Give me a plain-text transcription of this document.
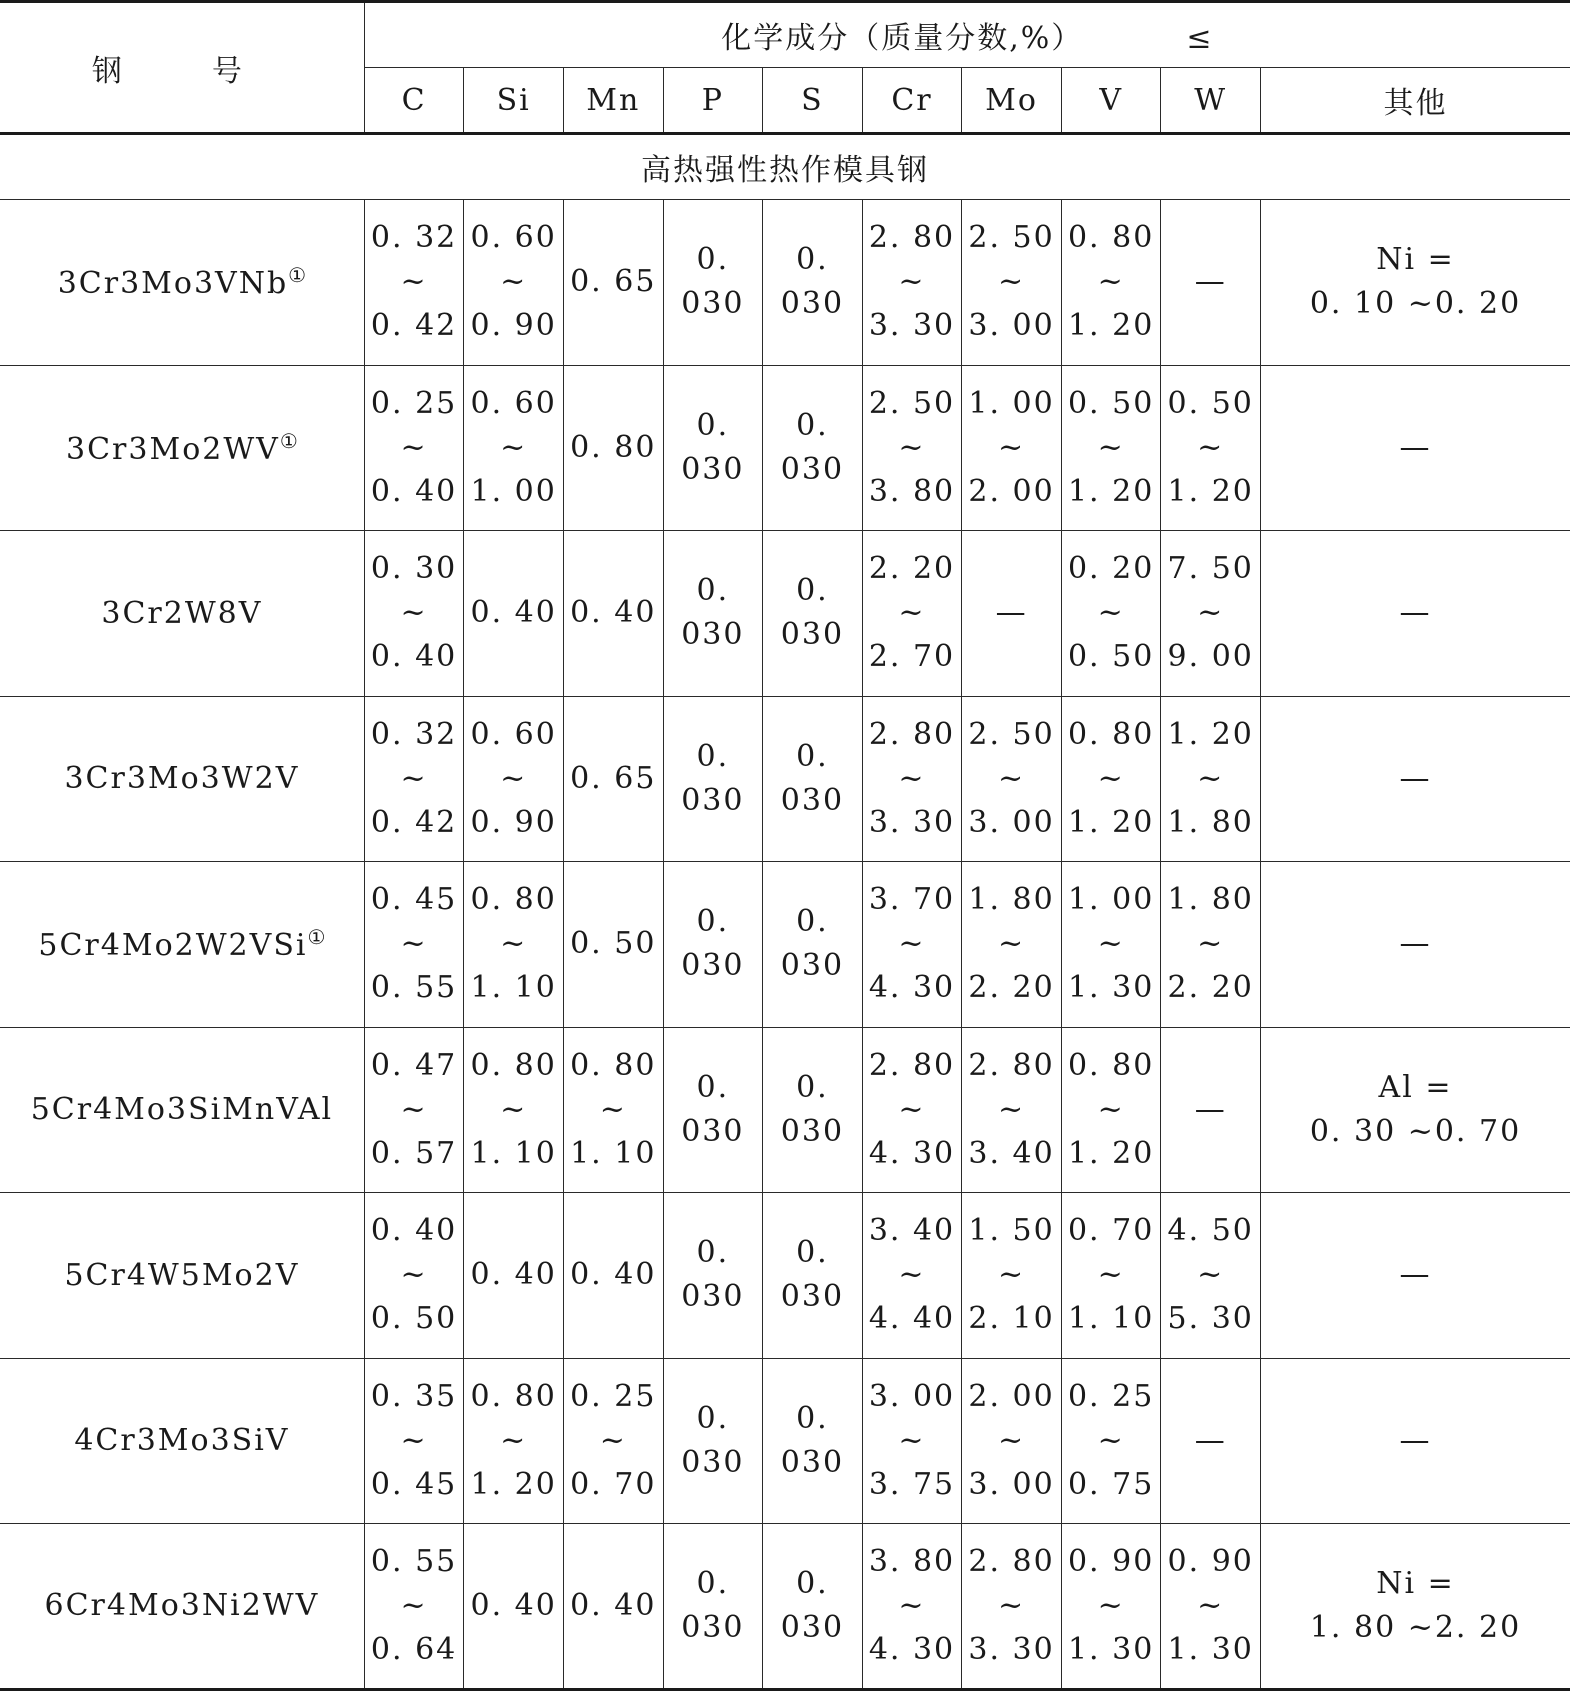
钢　号	化学成分（质量分数,%） ≤									
	C	Si	Mn	P	S	Cr	Mo	V	W	其他
高热强性热作模具钢										
3Cr3Mo3VNb①	0. 32
~
0. 42	0. 60
~
0. 90	0. 65	0. 030	0. 030	2. 80
~
3. 30	2. 50
~
3. 00	0. 80
~
1. 20	—	Ni =
0. 10 ~0. 20

3Cr3Mo2WV①	0. 25
~
0. 40	0. 60
~
1. 00	0. 80	0. 030	0. 030	2. 50
~
3. 80	1. 00
~
2. 00	0. 50
~
1. 20	0. 50
~
1. 20	—

3Cr2W8V	0. 30
~
0. 40	0. 40	0. 40	0. 030	0. 030	2. 20
~
2. 70	—	0. 20
~
0. 50	7. 50
~
9. 00	—

3Cr3Mo3W2V	0. 32
~
0. 42	0. 60
~
0. 90	0. 65	0. 030	0. 030	2. 80
~
3. 30	2. 50
~
3. 00	0. 80
~
1. 20	1. 20
~
1. 80	—

5Cr4Mo2W2VSi①	0. 45
~
0. 55	0. 80
~
1. 10	0. 50	0. 030	0. 030	3. 70
~
4. 30	1. 80
~
2. 20	1. 00
~
1. 30	1. 80
~
2. 20	—

5Cr4Mo3SiMnVAl	0. 47
~
0. 57	0. 80
~
1. 10	0. 80
~
1. 10	0. 030	0. 030	2. 80
~
4. 30	2. 80
~
3. 40	0. 80
~
1. 20	—	Al =
0. 30 ~0. 70

5Cr4W5Mo2V	0. 40
~
0. 50	0. 40	0. 40	0. 030	0. 030	3. 40
~
4. 40	1. 50
~
2. 10	0. 70
~
1. 10	4. 50
~
5. 30	—

4Cr3Mo3SiV	0. 35
~
0. 45	0. 80
~
1. 20	0. 25
~
0. 70	0. 030	0. 030	3. 00
~
3. 75	2. 00
~
3. 00	0. 25
~
0. 75	—	—

6Cr4Mo3Ni2WV	0. 55
~
0. 64	0. 40	0. 40	0. 030	0. 030	3. 80
~
4. 30	2. 80
~
3. 30	0. 90
~
1. 30	0. 90
~
1. 30	Ni =
1. 80 ~2. 20
